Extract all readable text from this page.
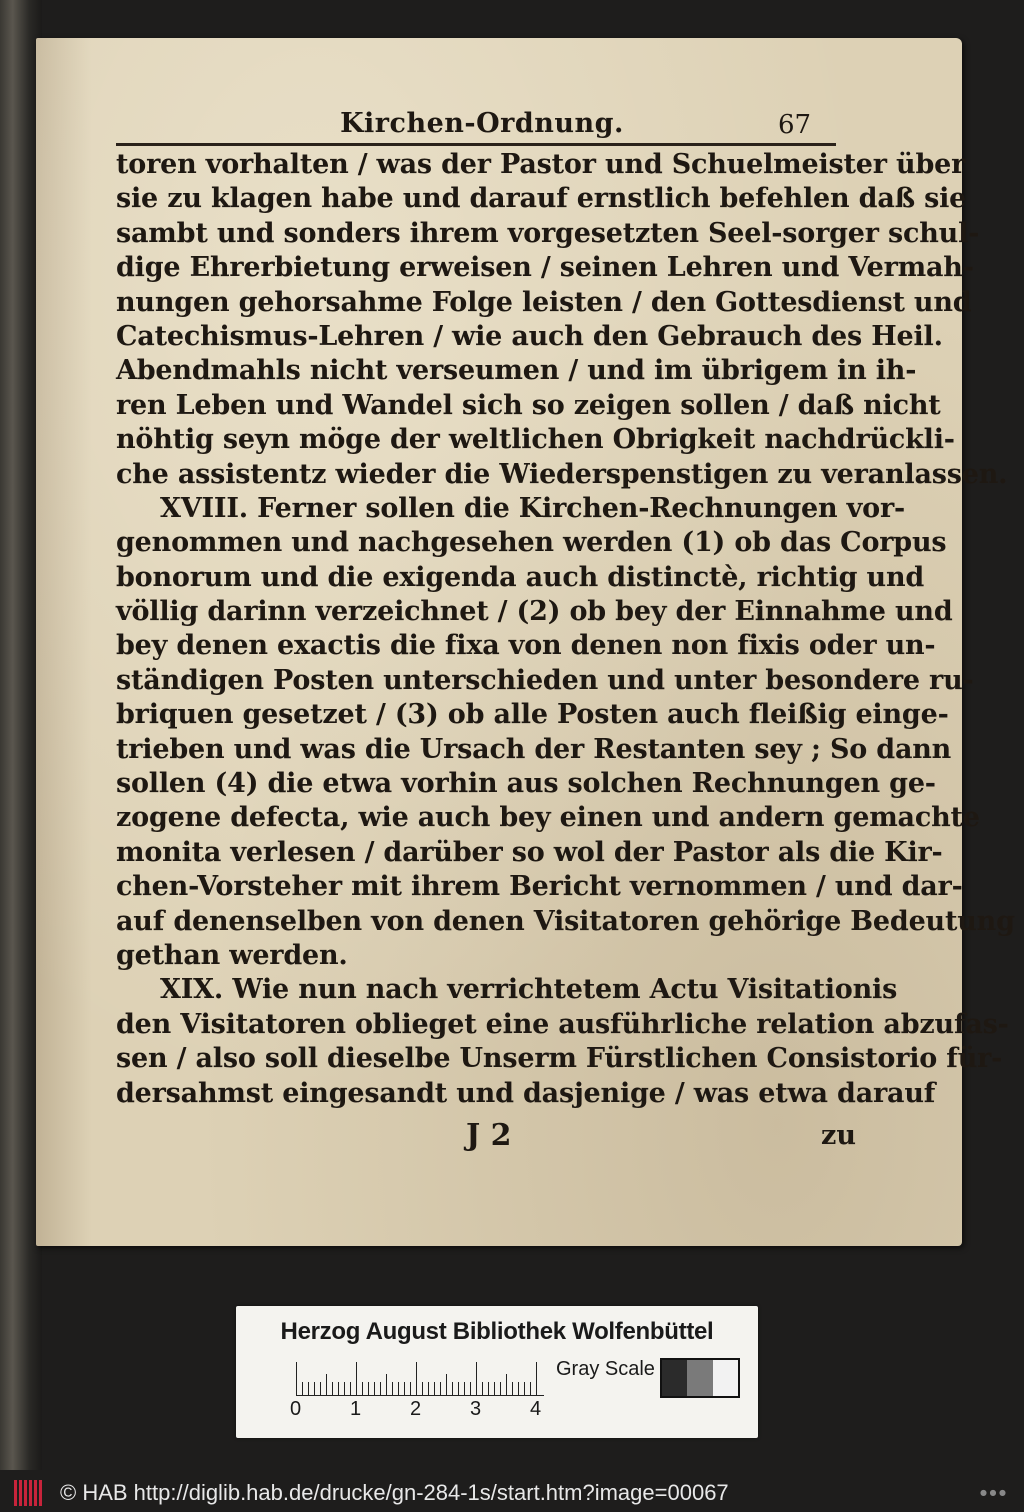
Kirchen-Ordnung.	67
toren vorhalten / was der Pastor und Schuelmeister über
sie zu klagen habe und darauf ernstlich befehlen daß sie
sambt und sonders ihrem vorgesetzten Seel-sorger schul-
dige Ehrerbietung erweisen / seinen Lehren und Vermah-
nungen gehorsahme Folge leisten / den Gottesdienst und
Catechismus-Lehren / wie auch den Gebrauch des Heil.
Abendmahls nicht verseumen / und im übrigem in ih-
ren Leben und Wandel sich so zeigen sollen / daß nicht
nöhtig seyn möge der weltlichen Obrigkeit nachdrückli-
che assistentz wieder die Wiederspenstigen zu veranlassen.
XVIII. Ferner sollen die Kirchen-Rechnungen vor-
genommen und nachgesehen werden (1) ob das Corpus
bonorum und die exigenda auch distinctè, richtig und
völlig darinn verzeichnet / (2) ob bey der Einnahme und
bey denen exactis die fixa von denen non fixis oder un-
ständigen Posten unterschieden und unter besondere ru-
briquen gesetzet / (3) ob alle Posten auch fleißig einge-
trieben und was die Ursach der Restanten sey ; So dann
sollen (4) die etwa vorhin aus solchen Rechnungen ge-
zogene defecta, wie auch bey einen und andern gemachte
monita verlesen / darüber so wol der Pastor als die Kir-
chen-Vorsteher mit ihrem Bericht vernommen / und dar-
auf denenselben von denen Visitatoren gehörige Bedeutung
gethan werden.
XIX. Wie nun nach verrichtetem Actu Visitationis
den Visitatoren oblieget eine ausführliche relation abzufas-
sen / also soll dieselbe Unserm Fürstlichen Consistorio für-
dersahmst eingesandt und dasjenige / was etwa darauf
J 2	zu
Herzog August Bibliothek Wolfenbüttel
0 1 2 3 4
Gray Scale
© HAB http://diglib.hab.de/drucke/gn-284-1s/start.htm?image=00067	● ● ●
